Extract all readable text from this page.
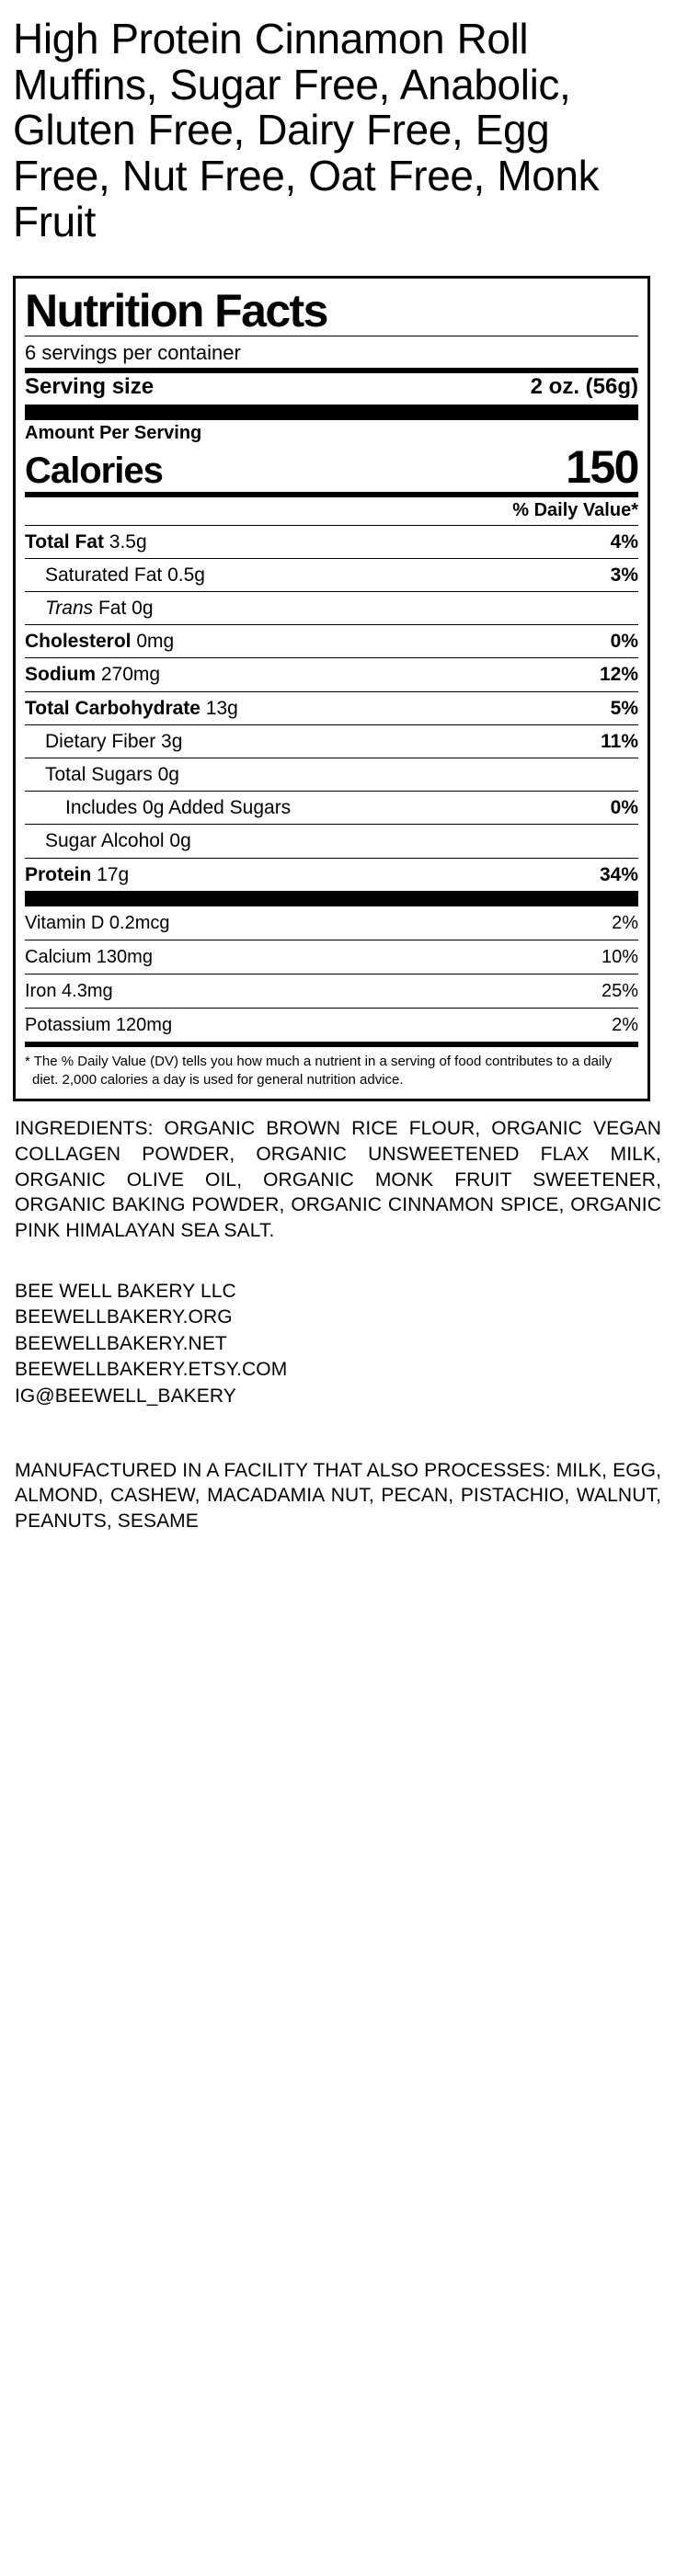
High Protein Cinnamon Roll Muffins, Sugar Free, Anabolic, Gluten Free, Dairy Free, Egg Free, Nut Free, Oat Free, Monk Fruit
Nutrition Facts
6 servings per container
Serving size	2 oz. (56g)
Amount Per Serving
Calories	150
% Daily Value*
Total Fat 3.5g	4%
Saturated Fat 0.5g	3%
Trans Fat 0g
Cholesterol 0mg	0%
Sodium 270mg	12%
Total Carbohydrate 13g	5%
Dietary Fiber 3g	11%
Total Sugars 0g
Includes 0g Added Sugars	0%
Sugar Alcohol 0g
Protein 17g	34%
Vitamin D 0.2mcg	2%
Calcium 130mg	10%
Iron 4.3mg	25%
Potassium 120mg	2%
* The % Daily Value (DV) tells you how much a nutrient in a serving of food contributes to a daily diet. 2,000 calories a day is used for general nutrition advice.
INGREDIENTS: ORGANIC BROWN RICE FLOUR, ORGANIC VEGAN COLLAGEN POWDER, ORGANIC UNSWEETENED FLAX MILK, ORGANIC OLIVE OIL, ORGANIC MONK FRUIT SWEETENER, ORGANIC BAKING POWDER, ORGANIC CINNAMON SPICE, ORGANIC PINK HIMALAYAN SEA SALT.
BEE WELL BAKERY LLC
BEEWELLBAKERY.ORG
BEEWELLBAKERY.NET
BEEWELLBAKERY.ETSY.COM
IG@BEEWELL_BAKERY
MANUFACTURED IN A FACILITY THAT ALSO PROCESSES: MILK, EGG, ALMOND, CASHEW, MACADAMIA NUT, PECAN, PISTACHIO, WALNUT, PEANUTS, SESAME
